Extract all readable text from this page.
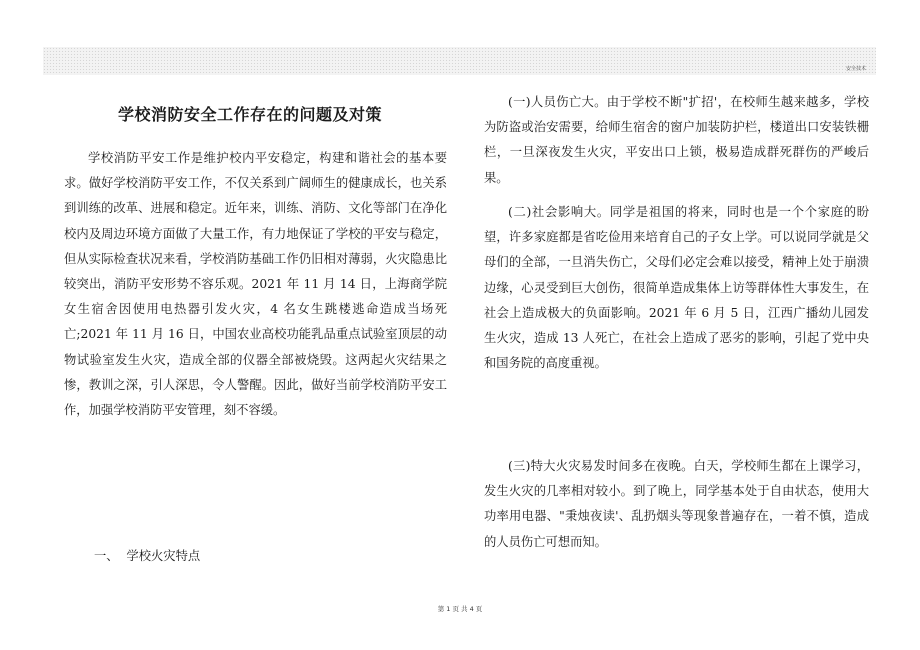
安全技术
学校消防安全工作存在的问题及对策

学校消防平安工作是维护校内平安稳定，构建和谐社会的基本要求。做好学校消防平安工作，不仅关系到广阔师生的健康成长，也关系到训练的改革、进展和稳定。近年来，训练、消防、文化等部门在净化校内及周边环境方面做了大量工作，有力地保证了学校的平安与稳定，但从实际检查状况来看，学校消防基础工作仍旧相对薄弱，火灾隐患比较突出，消防平安形势不容乐观。2021 年 11 月 14 日，上海商学院女生宿舍因使用电热器引发火灾，4 名女生跳楼逃命造成当场死亡;2021 年 11 月 16 日，中国农业高校功能乳品重点试验室顶层的动物试验室发生火灾，造成全部的仪器全部被烧毁。这两起火灾结果之惨，教训之深，引人深思，令人警醒。因此，做好当前学校消防平安工作，加强学校消防平安管理，刻不容缓。

一、  学校火灾特点

(一)人员伤亡大。由于学校不断"扩招'，在校师生越来越多，学校为防盗或治安需要，给师生宿舍的窗户加装防护栏，楼道出口安装铁栅栏，一旦深夜发生火灾，平安出口上锁，极易造成群死群伤的严峻后果。

(二)社会影响大。同学是祖国的将来，同时也是一个个家庭的盼望，许多家庭都是省吃俭用来培育自己的子女上学。可以说同学就是父母们的全部，一旦消失伤亡，父母们必定会难以接受，精神上处于崩溃边缘，心灵受到巨大创伤，很简单造成集体上访等群体性大事发生，在社会上造成极大的负面影响。2021 年 6 月 5 日，江西广播幼儿园发生火灾，造成 13 人死亡，在社会上造成了恶劣的影响，引起了党中央和国务院的高度重视。

(三)特大火灾易发时间多在夜晚。白天，学校师生都在上课学习，发生火灾的几率相对较小。到了晚上，同学基本处于自由状态，使用大功率用电器、"秉烛夜读'、乱扔烟头等现象普遍存在，一着不慎，造成的人员伤亡可想而知。

第 1 页 共 4 页
